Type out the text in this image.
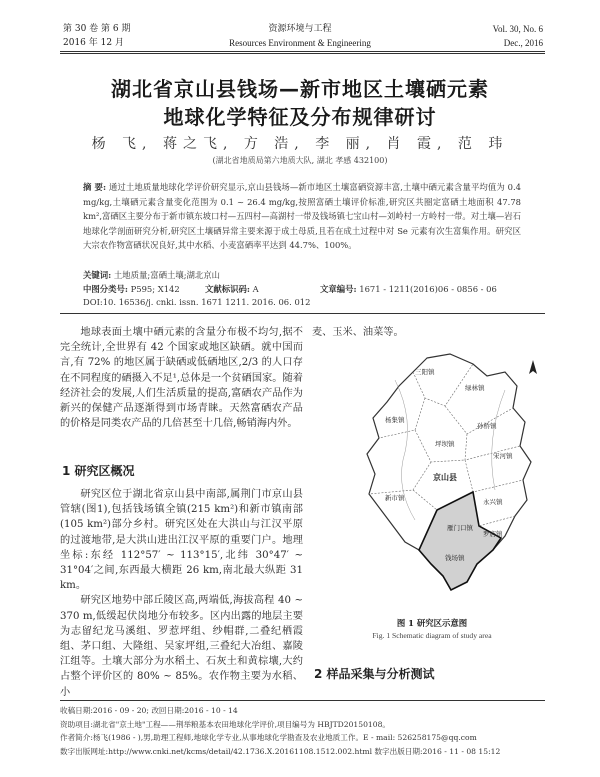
第 30 卷 第 6 期
2016 年 12 月
资源环境与工程
Resources Environment & Engineering
Vol. 30, No. 6
Dec., 2016
湖北省京山县钱场—新市地区土壤硒元素
地球化学特征及分布规律研讨
杨 飞, 蒋之飞, 方 浩, 李 丽, 肖 霞, 范 玮
(湖北省地质局第六地质大队, 湖北 孝感 432100)
摘 要: 通过土地质量地球化学评价研究显示,京山县钱场—新市地区土壤富硒资源丰富,土壤中硒元素含量平均值为 0.4 mg/kg,土壤硒元素含量变化范围为 0.1 ~ 26.4 mg/kg,按照富硒土壤评价标准,研究区共圈定富硒土地面积 47.78 km²,富硒区主要分布于新市镇东坡口村—五四村—高湖村一带及钱场镇七宝山村—刘岭村一方岭村一带。对土壤—岩石地球化学剖面研究分析,研究区土壤硒异常主要来源于成土母质,且若在成土过程中对 Se 元素有次生富集作用。研究区大宗农作物富硒状况良好,其中水稻、小麦富硒率平达到 44.7%、100%。
关键词: 土地质量;富硒土壤;湖北京山
中图分类号: P595; X142	文献标识码: A	文章编号: 1671 - 1211(2016)06 - 0856 - 06
DOI:10. 16536/j. cnki. issn. 1671 1211. 2016. 06. 012

地球表面土壤中硒元素的含量分布极不均匀,据不完全统计,全世界有 42 个国家或地区缺硒。就中国而言,有 72% 的地区属于缺硒或低硒地区,2/3 的人口存在不同程度的硒摄入不足¹,总体是一个贫硒国家。随着经济社会的发展,人们生活质量的提高,富硒农产品作为新兴的保健产品逐渐得到市场青睐。天然富硒农产品的价格是同类农产品的几倍甚至十几倍,畅销海内外。

1 研究区概况

研究区位于湖北省京山县中南部,属荆门市京山县管辖(图1),包括钱场镇全镇(215 km²)和新市镇南部(105 km²)部分乡村。研究区处在大洪山与江汉平原的过渡地带,是大洪山进出江汉平原的重要门户。地理坐标:东经 112°57′ ~ 113°15′,北纬 30°47′ ~ 31°04′之间,东西最大横距 26 km,南北最大纵距 31 km。

研究区地势中部丘陵区高,两端低,海拔高程 40 ~ 370 m,低缓起伏岗地分布较多。区内出露的地层主要为志留纪龙马溪组、罗惹坪组、纱帽群,二叠纪栖霞组、茅口组、大隆组、吴家坪组,三叠纪大冶组、嘉陵江组等。土壤大部分为水稻土、石灰土和黄棕壤,大约占整个评价区的 80% ~ 85%。农作物主要为水稻、小

麦、玉米、油菜等。
三阳镇
绿林镇
杨集镇
孙桥镇
宋河镇
坪坝镇
京山县
新市镇
钱场镇
永兴镇
雁门口镇
罗店镇
图 1 研究区示意图
Fig. 1 Schematic diagram of study area
2 样品采集与分析测试
收稿日期:2016 - 09 - 20; 改回日期:2016 - 10 - 14
资助项目:湖北省"京土地"工程——荆举粮基本农田地球化学评价,项目编号为 HBJTD20150108。
作者简介:杨飞(1986 - ),男,助理工程师,地球化学专业,从事地球化学勘查及农业地质工作。E - mail: 526258175@qq.com
数字出版网址:http://www.cnki.net/kcms/detail/42.1736.X.20161108.1512.002.html 数字出版日期:2016 - 11 - 08 15:12
